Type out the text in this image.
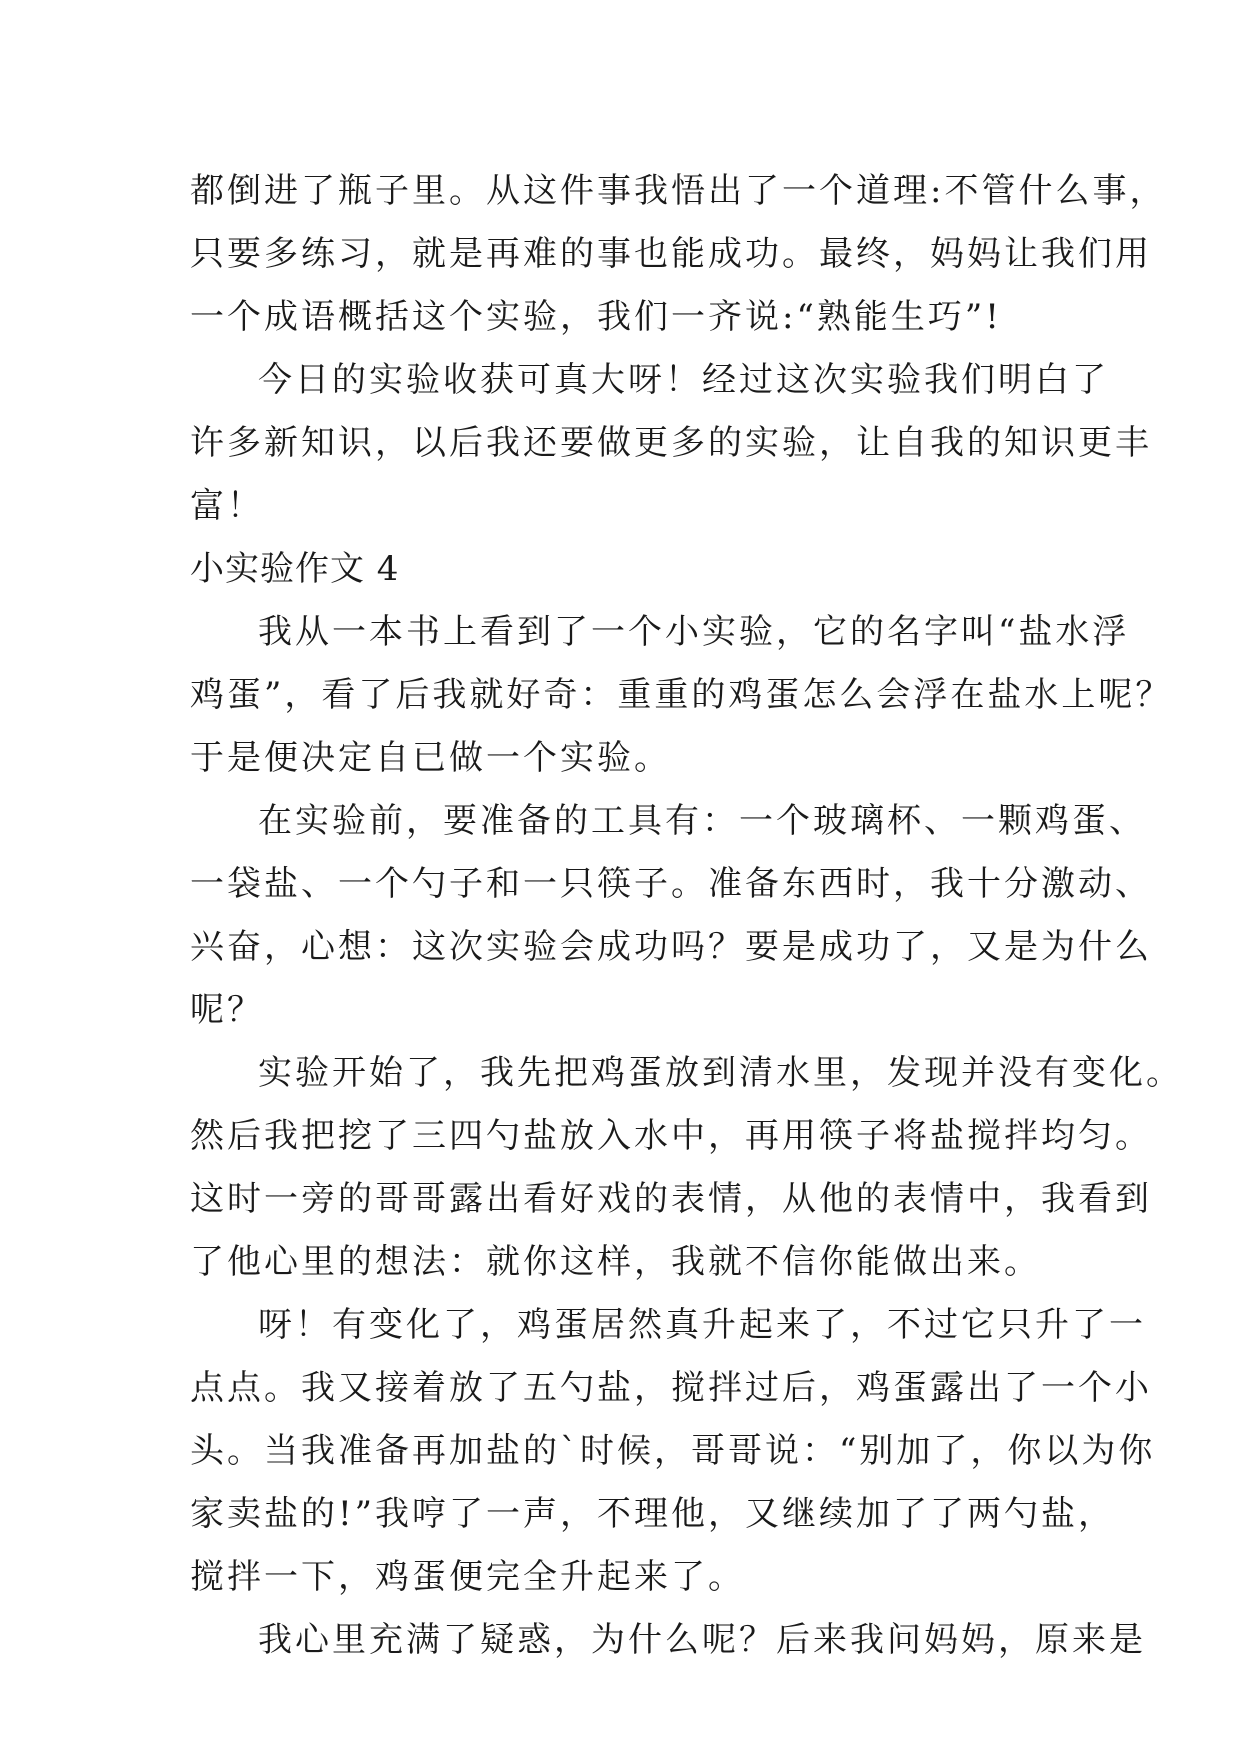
都倒进了瓶子里。从这件事我悟出了一个道理:不管什么事，
只要多练习，就是再难的事也能成功。最终，妈妈让我们用
一个成语概括这个实验，我们一齐说:“熟能生巧”!
今日的实验收获可真大呀！经过这次实验我们明白了
许多新知识，以后我还要做更多的实验，让自我的知识更丰
富！
小实验作文 4
我从一本书上看到了一个小实验，它的名字叫“盐水浮
鸡蛋”，看了后我就好奇：重重的鸡蛋怎么会浮在盐水上呢？
于是便决定自已做一个实验。
在实验前，要准备的工具有：一个玻璃杯、一颗鸡蛋、
一袋盐、一个勺子和一只筷子。准备东西时，我十分激动、
兴奋，心想：这次实验会成功吗？要是成功了，又是为什么
呢？
实验开始了，我先把鸡蛋放到清水里，发现并没有变化。
然后我把挖了三四勺盐放入水中，再用筷子将盐搅拌均匀。
这时一旁的哥哥露出看好戏的表情，从他的表情中，我看到
了他心里的想法：就你这样，我就不信你能做出来。
呀！有变化了，鸡蛋居然真升起来了，不过它只升了一
点点。我又接着放了五勺盐，搅拌过后，鸡蛋露出了一个小
头。当我准备再加盐的`时候，哥哥说：“别加了，你以为你
家卖盐的!”我哼了一声，不理他，又继续加了了两勺盐，
搅拌一下，鸡蛋便完全升起来了。
我心里充满了疑惑，为什么呢？后来我问妈妈，原来是
